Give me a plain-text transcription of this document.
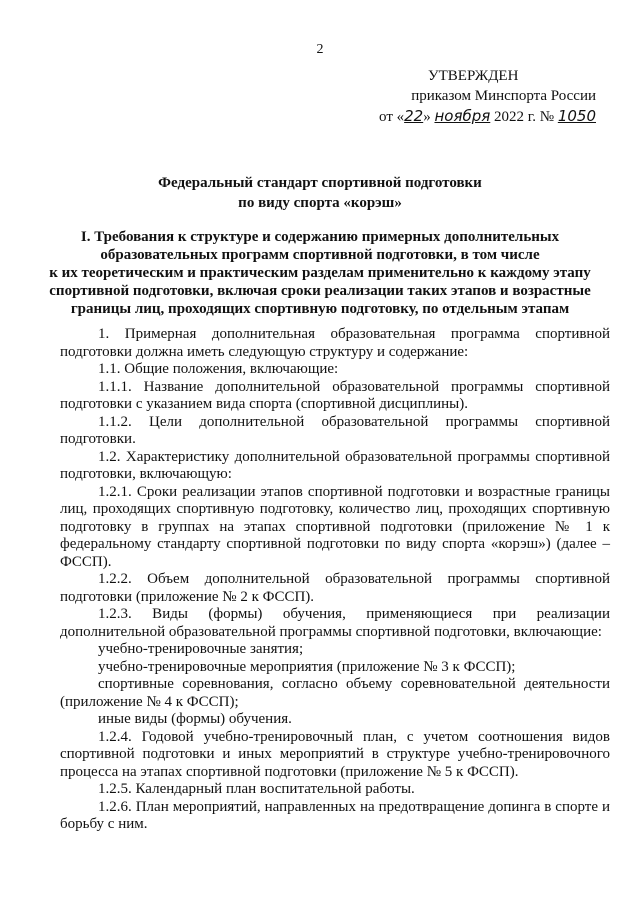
2
УТВЕРЖДЕН
приказом Минспорта России
от «22» ноября 2022 г. № 1050
Федеральный стандарт спортивной подготовки
по виду спорта «корэш»
I. Требования к структуре и содержанию примерных дополнительных
образовательных программ спортивной подготовки, в том числе
к их теоретическим и практическим разделам применительно к каждому этапу
спортивной подготовки, включая сроки реализации таких этапов и возрастные
границы лиц, проходящих спортивную подготовку, по отдельным этапам

1. Примерная дополнительная образовательная программа спортивной подготовки должна иметь следующую структуру и содержание:

1.1. Общие положения, включающие:

1.1.1. Название дополнительной образовательной программы спортивной подготовки с указанием вида спорта (спортивной дисциплины).

1.1.2. Цели дополнительной образовательной программы спортивной подготовки.

1.2. Характеристику дополнительной образовательной программы спортивной подготовки, включающую:

1.2.1. Сроки реализации этапов спортивной подготовки и возрастные границы лиц, проходящих спортивную подготовку, количество лиц, проходящих спортивную подготовку в группах на этапах спортивной подготовки (приложение № 1 к федеральному стандарту спортивной подготовки по виду спорта «корэш») (далее – ФССП).

1.2.2. Объем дополнительной образовательной программы спортивной подготовки (приложение № 2 к ФССП).

1.2.3. Виды (формы) обучения, применяющиеся при реализации дополнительной образовательной программы спортивной подготовки, включающие:

учебно-тренировочные занятия;

учебно-тренировочные мероприятия (приложение № 3 к ФССП);

спортивные соревнования, согласно объему соревновательной деятельности (приложение № 4 к ФССП);

иные виды (формы) обучения.

1.2.4. Годовой учебно-тренировочный план, с учетом соотношения видов спортивной подготовки и иных мероприятий в структуре учебно-тренировочного процесса на этапах спортивной подготовки (приложение № 5 к ФССП).

1.2.5. Календарный план воспитательной работы.

1.2.6. План мероприятий, направленных на предотвращение допинга в спорте и борьбу с ним.
